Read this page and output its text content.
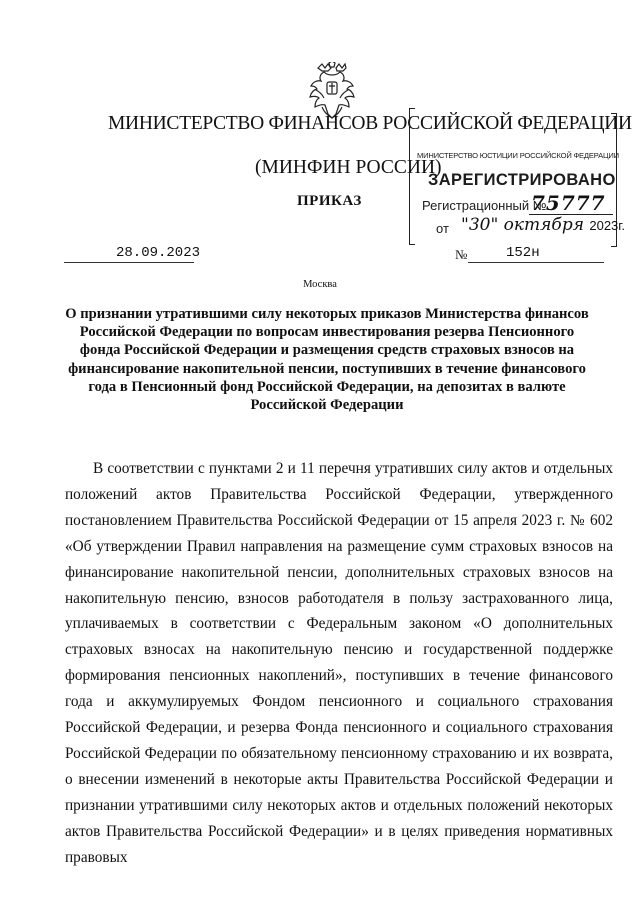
МИНИСТЕРСТВО ФИНАНСОВ РОССИЙСКОЙ ФЕДЕРАЦИИ
(МИНФИН РОССИИ)
ПРИКАЗ
МИНИСТЕРСТВО ЮСТИЦИИ РОССИЙСКОЙ ФЕДЕРАЦИИ
ЗАРЕГИСТРИРОВАНО
Регистрационный №
75777
от "30" октября 2023г.
28.09.2023	№	152н
Москва
О признании утратившими силу некоторых приказов Министерства финансов Российской Федерации по вопросам инвестирования резерва Пенсионного фонда Российской Федерации и размещения средств страховых взносов на финансирование накопительной пенсии, поступивших в течение финансового года в Пенсионный фонд Российской Федерации, на депозитах в валюте Российской Федерации

В соответствии с пунктами 2 и 11 перечня утративших силу актов и отдельных положений актов Правительства Российской Федерации, утвержденного постановлением Правительства Российской Федерации от 15 апреля 2023 г. № 602 «Об утверждении Правил направления на размещение сумм страховых взносов на финансирование накопительной пенсии, дополнительных страховых взносов на накопительную пенсию, взносов работодателя в пользу застрахованного лица, уплачиваемых в соответствии с Федеральным законом «О дополнительных страховых взносах на накопительную пенсию и государственной поддержке формирования пенсионных накоплений», поступивших в течение финансового года и аккумулируемых Фондом пенсионного и социального страхования Российской Федерации, и резерва Фонда пенсионного и социального страхования Российской Федерации по обязательному пенсионному страхованию и их возврата, о внесении изменений в некоторые акты Правительства Российской Федерации и признании утратившими силу некоторых актов и отдельных положений некоторых актов Правительства Российской Федерации» и в целях приведения нормативных правовых
